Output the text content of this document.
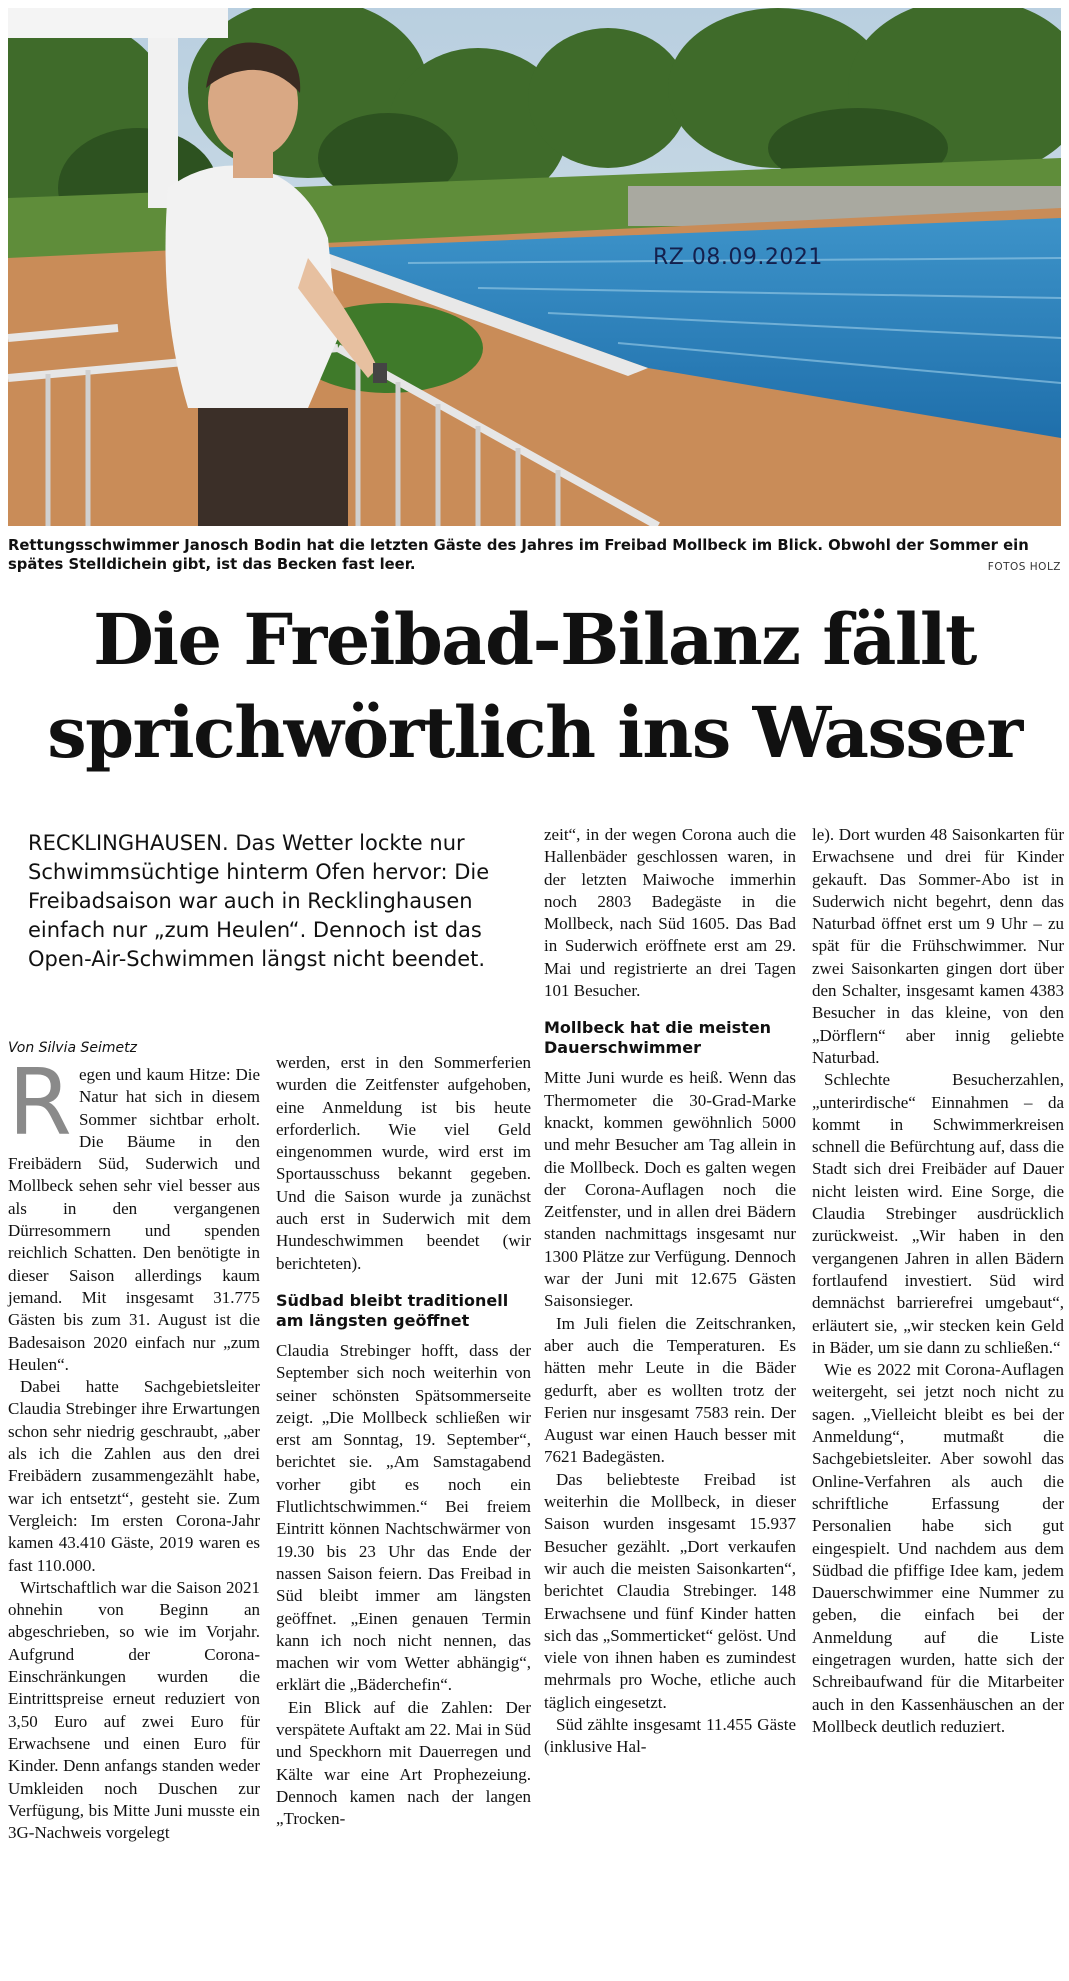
RZ 08.09.2021
Rettungsschwimmer Janosch Bodin hat die letzten Gäste des Jahres im Freibad Mollbeck im Blick. Obwohl der Sommer ein spätes Stelldichein gibt, ist das Becken fast leer.	FOTOS HOLZ
Die Freibad-Bilanz fällt
sprichwörtlich ins Wasser
RECKLINGHAUSEN. Das Wetter lockte nur Schwimmsüchtige hinterm Ofen hervor: Die Freibadsaison war auch in Recklinghausen einfach nur „zum Heulen“. Dennoch ist das Open-Air-Schwimmen längst nicht beendet.
Von Silvia Seimetz

Regen und kaum Hitze: Die Natur hat sich in diesem Sommer sichtbar erholt. Die Bäume in den Freibädern Süd, Suderwich und Mollbeck sehen sehr viel besser aus als in den vergangenen Dürresommern und spenden reichlich Schatten. Den benötigte in dieser Saison allerdings kaum jemand. Mit insgesamt 31.775 Gästen bis zum 31. August ist die Badesaison 2020 einfach nur „zum Heulen“.

Dabei hatte Sachgebietsleiter Claudia Strebinger ihre Erwartungen schon sehr niedrig geschraubt, „aber als ich die Zahlen aus den drei Freibädern zusammengezählt habe, war ich entsetzt“, gesteht sie. Zum Vergleich: Im ersten Corona-Jahr kamen 43.410 Gäste, 2019 waren es fast 110.000.

Wirtschaftlich war die Saison 2021 ohnehin von Beginn an abgeschrieben, so wie im Vorjahr. Aufgrund der Corona-Einschränkungen wurden die Eintrittspreise erneut reduziert von 3,50 Euro auf zwei Euro für Erwachsene und einen Euro für Kinder. Denn anfangs standen weder Umkleiden noch Duschen zur Verfügung, bis Mitte Juni musste ein 3G-Nachweis vorgelegt

werden, erst in den Sommerferien wurden die Zeitfenster aufgehoben, eine Anmeldung ist bis heute erforderlich. Wie viel Geld eingenommen wurde, wird erst im Sportausschuss bekannt gegeben. Und die Saison wurde ja zunächst auch erst in Suderwich mit dem Hundeschwimmen beendet (wir berichteten).

Südbad bleibt traditionell am längsten geöffnet

Claudia Strebinger hofft, dass der September sich noch weiterhin von seiner schönsten Spätsommerseite zeigt. „Die Mollbeck schließen wir erst am Sonntag, 19. September“, berichtet sie. „Am Samstagabend vorher gibt es noch ein Flutlichtschwimmen.“ Bei freiem Eintritt können Nachtschwärmer von 19.30 bis 23 Uhr das Ende der nassen Saison feiern. Das Freibad in Süd bleibt immer am längsten geöffnet. „Einen genauen Termin kann ich noch nicht nennen, das machen wir vom Wetter abhängig“, erklärt die „Bäderchefin“.

Ein Blick auf die Zahlen: Der verspätete Auftakt am 22. Mai in Süd und Speckhorn mit Dauerregen und Kälte war eine Art Prophezeiung. Dennoch kamen nach der langen „Trocken-

zeit“, in der wegen Corona auch die Hallenbäder geschlossen waren, in der letzten Maiwoche immerhin noch 2803 Badegäste in die Mollbeck, nach Süd 1605. Das Bad in Suderwich eröffnete erst am 29. Mai und registrierte an drei Tagen 101 Besucher.

Mollbeck hat die meisten Dauerschwimmer

Mitte Juni wurde es heiß. Wenn das Thermometer die 30-Grad-Marke knackt, kommen gewöhnlich 5000 und mehr Besucher am Tag allein in die Mollbeck. Doch es galten wegen der Corona-Auflagen noch die Zeitfenster, und in allen drei Bädern standen nachmittags insgesamt nur 1300 Plätze zur Verfügung. Dennoch war der Juni mit 12.675 Gästen Saisonsieger.

Im Juli fielen die Zeitschranken, aber auch die Temperaturen. Es hätten mehr Leute in die Bäder gedurft, aber es wollten trotz der Ferien nur insgesamt 7583 rein. Der August war einen Hauch besser mit 7621 Badegästen.

Das beliebteste Freibad ist weiterhin die Mollbeck, in dieser Saison wurden insgesamt 15.937 Besucher gezählt. „Dort verkaufen wir auch die meisten Saisonkarten“, berichtet Claudia Strebinger. 148 Erwachsene und fünf Kinder hatten sich das „Sommerticket“ gelöst. Und viele von ihnen haben es zumindest mehrmals pro Woche, etliche auch täglich eingesetzt.

Süd zählte insgesamt 11.455 Gäste (inklusive Hal-

le). Dort wurden 48 Saisonkarten für Erwachsene und drei für Kinder gekauft. Das Sommer-Abo ist in Suderwich nicht begehrt, denn das Naturbad öffnet erst um 9 Uhr – zu spät für die Frühschwimmer. Nur zwei Saisonkarten gingen dort über den Schalter, insgesamt kamen 4383 Besucher in das kleine, von den „Dörflern“ aber innig geliebte Naturbad.

Schlechte Besucherzahlen, „unterirdische“ Einnahmen – da kommt in Schwimmerkreisen schnell die Befürchtung auf, dass die Stadt sich drei Freibäder auf Dauer nicht leisten wird. Eine Sorge, die Claudia Strebinger ausdrücklich zurückweist. „Wir haben in den vergangenen Jahren in allen Bädern fortlaufend investiert. Süd wird demnächst barrierefrei umgebaut“, erläutert sie, „wir stecken kein Geld in Bäder, um sie dann zu schließen.“

Wie es 2022 mit Corona-Auflagen weitergeht, sei jetzt noch nicht zu sagen. „Vielleicht bleibt es bei der Anmeldung“, mutmaßt die Sachgebietsleiter. Aber sowohl das Online-Verfahren als auch die schriftliche Erfassung der Personalien habe sich gut eingespielt. Und nachdem aus dem Südbad die pfiffige Idee kam, jedem Dauerschwimmer eine Nummer zu geben, die einfach bei der Anmeldung auf die Liste eingetragen wurden, hatte sich der Schreibaufwand für die Mitarbeiter auch in den Kassenhäuschen an der Mollbeck deutlich reduziert.
